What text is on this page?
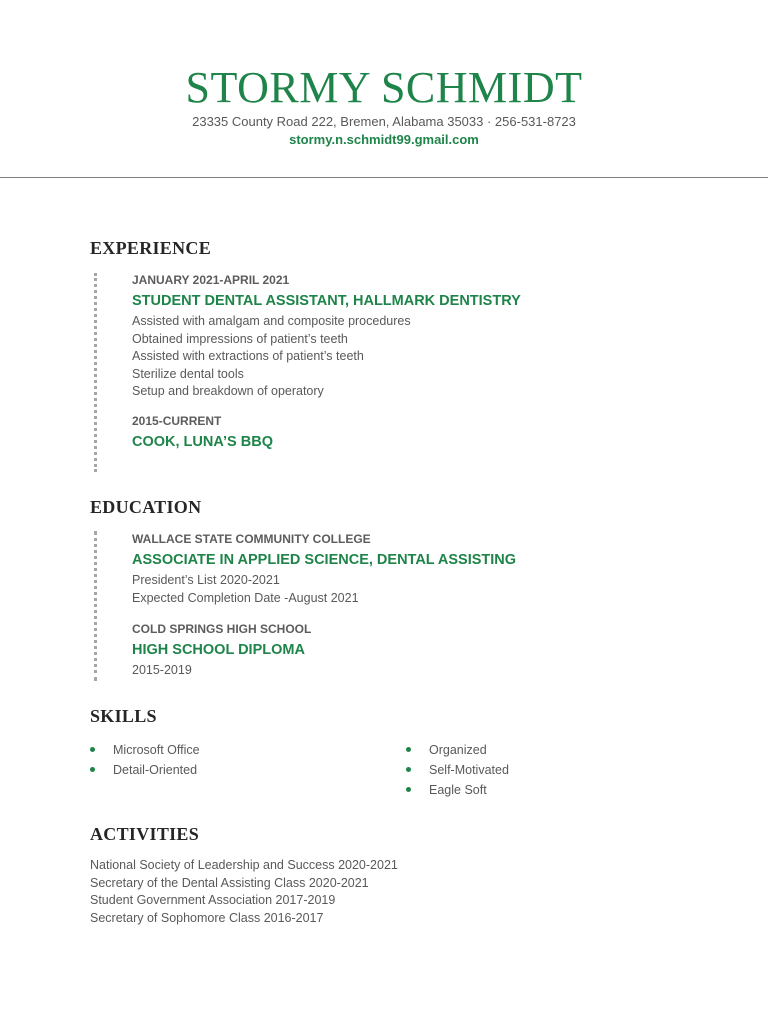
STORMY SCHMIDT
23335 County Road 222, Bremen, Alabama 35033 · 256-531-8723
stormy.n.schmidt99.gmail.com
EXPERIENCE
JANUARY 2021-APRIL 2021
STUDENT DENTAL ASSISTANT, HALLMARK DENTISTRY
Assisted with amalgam and composite procedures
Obtained impressions of patient’s teeth
Assisted with extractions of patient’s teeth
Sterilize dental tools
Setup and breakdown of operatory
2015-CURRENT
COOK, LUNA’S BBQ
EDUCATION
WALLACE STATE COMMUNITY COLLEGE
ASSOCIATE IN APPLIED SCIENCE, DENTAL ASSISTING
President’s List 2020-2021
Expected Completion Date -August 2021
COLD SPRINGS HIGH SCHOOL
HIGH SCHOOL DIPLOMA
2015-2019
SKILLS
Microsoft Office
Detail-Oriented
Organized
Self-Motivated
Eagle Soft
ACTIVITIES
National Society of Leadership and Success 2020-2021
Secretary of the Dental Assisting Class 2020-2021
Student Government Association 2017-2019
Secretary of Sophomore Class 2016-2017
